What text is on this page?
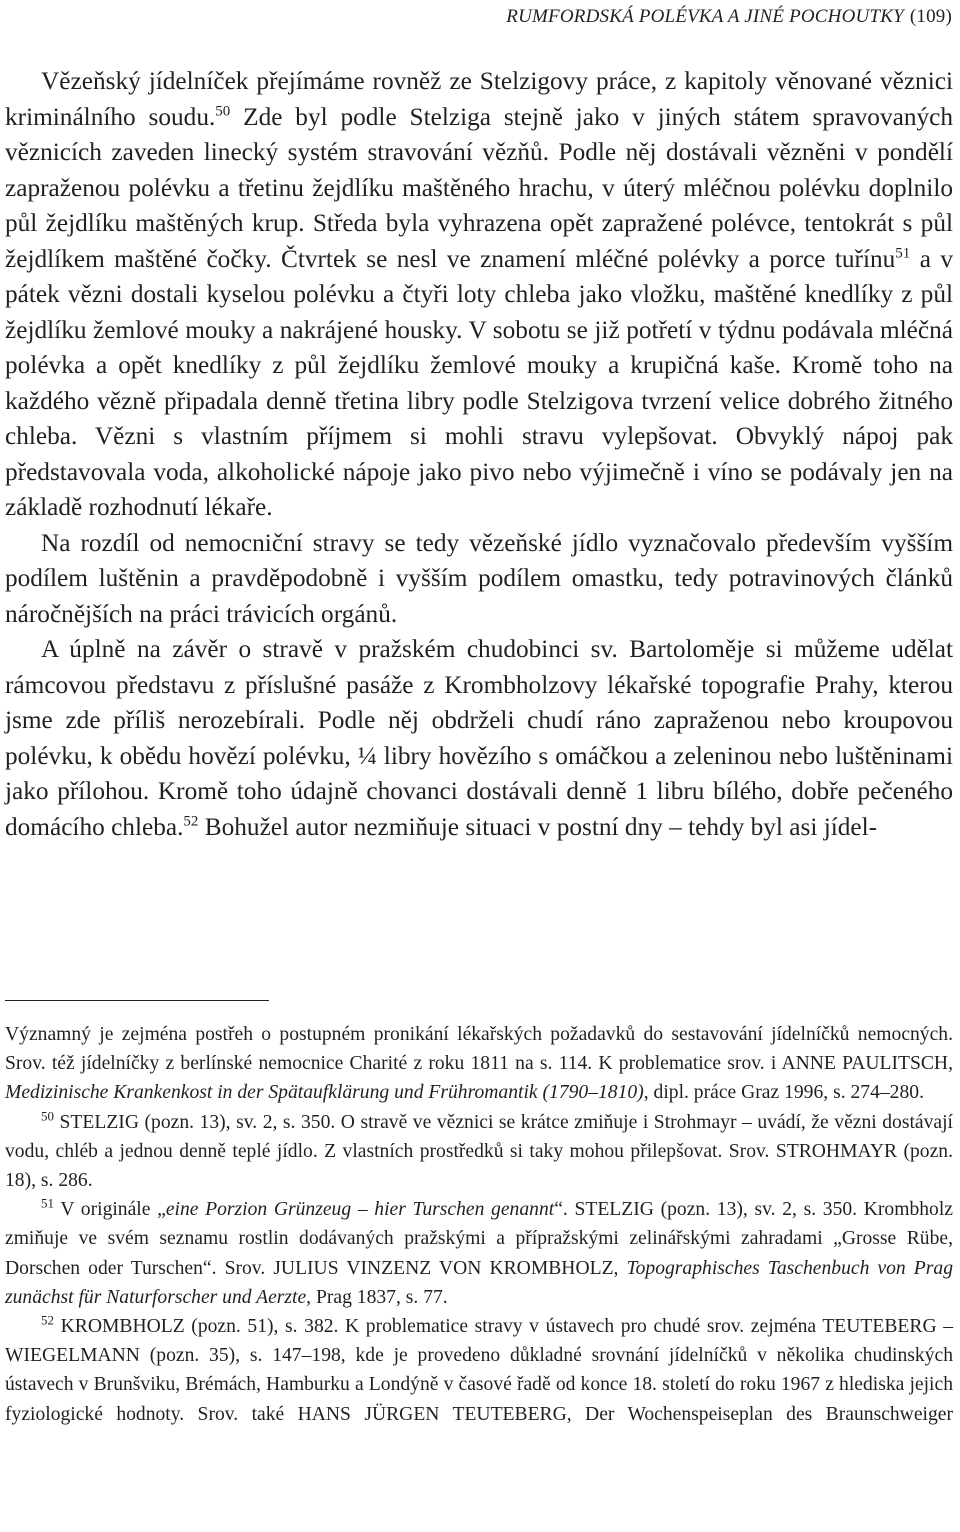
RUMFORDSKÁ POLÉVKA A JINÉ POCHOUTKY (109)

Vězeňský jídelníček přejímáme rovněž ze Stelzigovy práce, z kapitoly věnované věznici kriminálního soudu.$^{50}$ Zde byl podle Stelziga stejně jako v jiných státem spravovaných věznicích zaveden linecký systém stravování vězňů. Podle něj dostávali vězněni v pondělí zapraženou polévku a třetinu žejdlíku maštěného hrachu, v úterý mléčnou polévku doplnilo půl žejdlíku maštěných krup. Středa byla vyhrazena opět zapražené polévce, tentokrát s půl žejdlíkem maštěné čočky. Čtvrtek se nesl ve znamení mléčné polévky a porce tuřínu$^{51}$ a v pátek vězni dostali kyselou polévku a čtyři loty chleba jako vložku, maštěné knedlíky z půl žejdlíku žemlové mouky a nakrájené housky. V sobotu se již potřetí v týdnu podávala mléčná polévka a opět knedlíky z půl žejdlíku žemlové mouky a krupičná kaše. Kromě toho na každého vězně připadala denně třetina libry podle Stelzigova tvrzení velice dobrého žitného chleba. Vězni s vlastním příjmem si mohli stravu vylepšovat. Obvyklý nápoj pak představovala voda, alkoholické nápoje jako pivo nebo výjimečně i víno se podávaly jen na základě rozhodnutí lékaře.

Na rozdíl od nemocniční stravy se tedy vězeňské jídlo vyznačovalo především vyšším podílem luštěnin a pravděpodobně i vyšším podílem omastku, tedy potravinových článků náročnějších na práci trávicích orgánů.

A úplně na závěr o stravě v pražském chudobinci sv. Bartoloměje si můžeme udělat rámcovou představu z příslušné pasáže z Krombholzovy lékařské topografie Prahy, kterou jsme zde příliš nerozebírali. Podle něj obdrželi chudí ráno zapraženou nebo kroupovou polévku, k obědu hovězí polévku, ¼ libry hovězího s omáčkou a zeleninou nebo luštěninami jako přílohou. Kromě toho údajně chovanci dostávali denně 1 libru bílého, dobře pečeného domácího chleba.$^{52}$ Bohužel autor nezmiňuje situaci v postní dny – tehdy byl asi jídel-

Významný je zejména postřeh o postupném pronikání lékařských požadavků do sestavování jídelníčků nemocných. Srov. též jídelníčky z berlínské nemocnice Charité z roku 1811 na s. 114. K problematice srov. i ANNE PAULITSCH, Medizinische Krankenkost in der Spätaufklärung und Frühromantik (1790–1810), dipl. práce Graz 1996, s. 274–280.

$^{50}$ STELZIG (pozn. 13), sv. 2, s. 350. O stravě ve věznici se krátce zmiňuje i Strohmayr – uvádí, že vězni dostávají vodu, chléb a jednou denně teplé jídlo. Z vlastních prostředků si taky mohou přilepšovat. Srov. STROHMAYR (pozn. 18), s. 286.

$^{51}$ V originále „eine Porzion Grünzeug – hier Turschen genannt“. STELZIG (pozn. 13), sv. 2, s. 350. Krombholz zmiňuje ve svém seznamu rostlin dodávaných pražskými a přípražskými zelinářskými zahradami „Grosse Rübe, Dorschen oder Turschen“. Srov. JULIUS VINZENZ VON KROMBHOLZ, Topographisches Taschenbuch von Prag zunächst für Naturforscher und Aerzte, Prag 1837, s. 77.

$^{52}$ KROMBHOLZ (pozn. 51), s. 382. K problematice stravy v ústavech pro chudé srov. zejména TEUTEBERG – WIEGELMANN (pozn. 35), s. 147–198, kde je provedeno důkladné srovnání jídelníčků v několika chudinských ústavech v Brunšviku, Brémách, Hamburku a Londýně v časové řadě od konce 18. století do roku 1967 z hlediska jejich fyziologické hodnoty. Srov. také HANS JÜRGEN TEUTEBERG, Der Wochenspeiseplan des Braunschweiger
